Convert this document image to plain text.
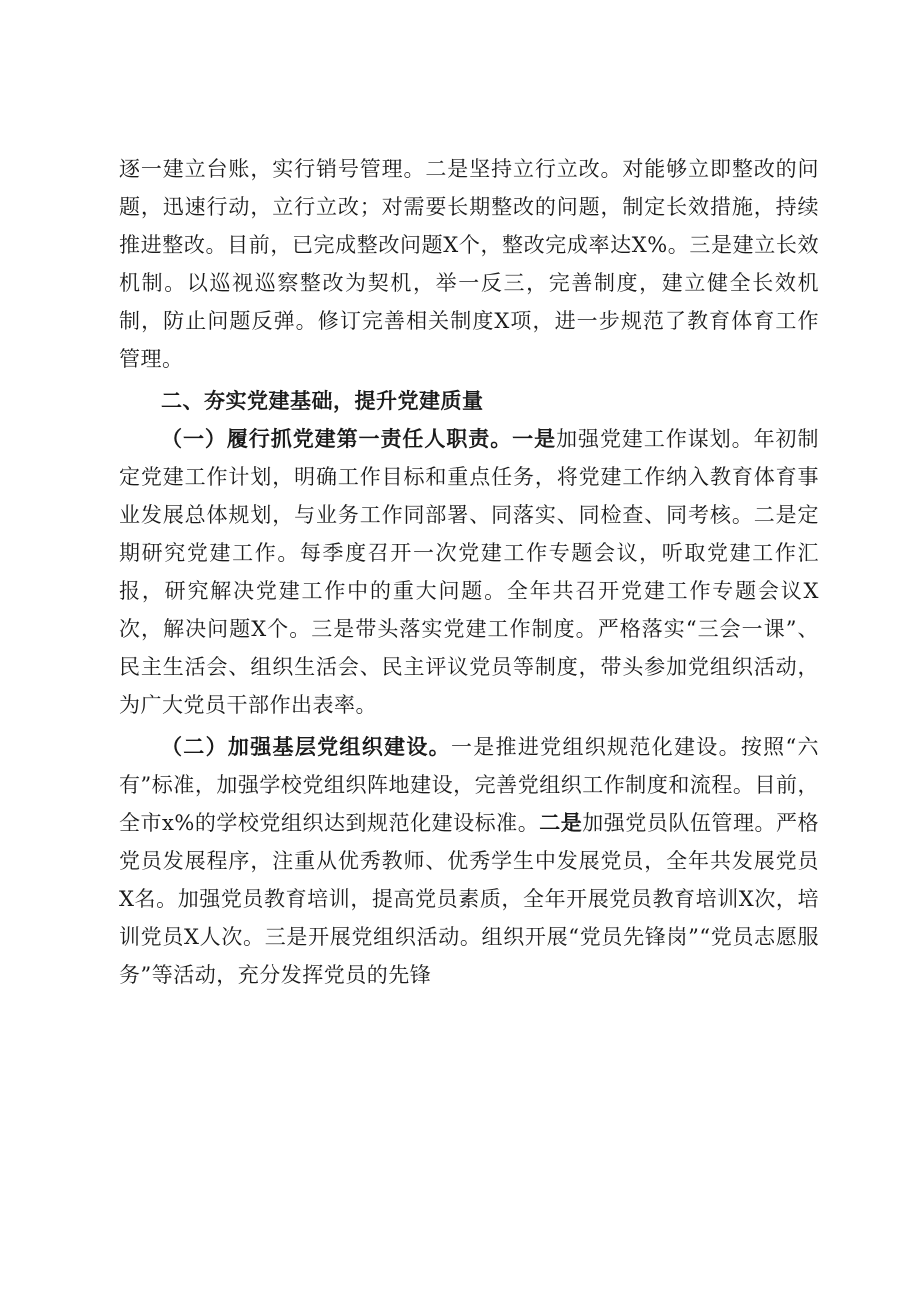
逐一建立台账，实行销号管理。二是坚持立行立改。对能够立即整改的问题，迅速行动，立行立改；对需要长期整改的问题，制定长效措施，持续推进整改。目前，已完成整改问题X个，整改完成率达X%。三是建立长效机制。以巡视巡察整改为契机，举一反三，完善制度，建立健全长效机制，防止问题反弹。修订完善相关制度X项，进一步规范了教育体育工作管理。

二、夯实党建基础，提升党建质量

（一）履行抓党建第一责任人职责。一是加强党建工作谋划。年初制定党建工作计划，明确工作目标和重点任务，将党建工作纳入教育体育事业发展总体规划，与业务工作同部署、同落实、同检查、同考核。二是定期研究党建工作。每季度召开一次党建工作专题会议，听取党建工作汇报，研究解决党建工作中的重大问题。全年共召开党建工作专题会议X次，解决问题X个。三是带头落实党建工作制度。严格落实“三会一课”、民主生活会、组织生活会、民主评议党员等制度，带头参加党组织活动，为广大党员干部作出表率。

（二）加强基层党组织建设。一是推进党组织规范化建设。按照“六有”标准，加强学校党组织阵地建设，完善党组织工作制度和流程。目前，全市x%的学校党组织达到规范化建设标准。二是加强党员队伍管理。严格党员发展程序，注重从优秀教师、优秀学生中发展党员，全年共发展党员X名。加强党员教育培训，提高党员素质，全年开展党员教育培训X次，培训党员X人次。三是开展党组织活动。组织开展“党员先锋岗”“党员志愿服务”等活动，充分发挥党员的先锋
